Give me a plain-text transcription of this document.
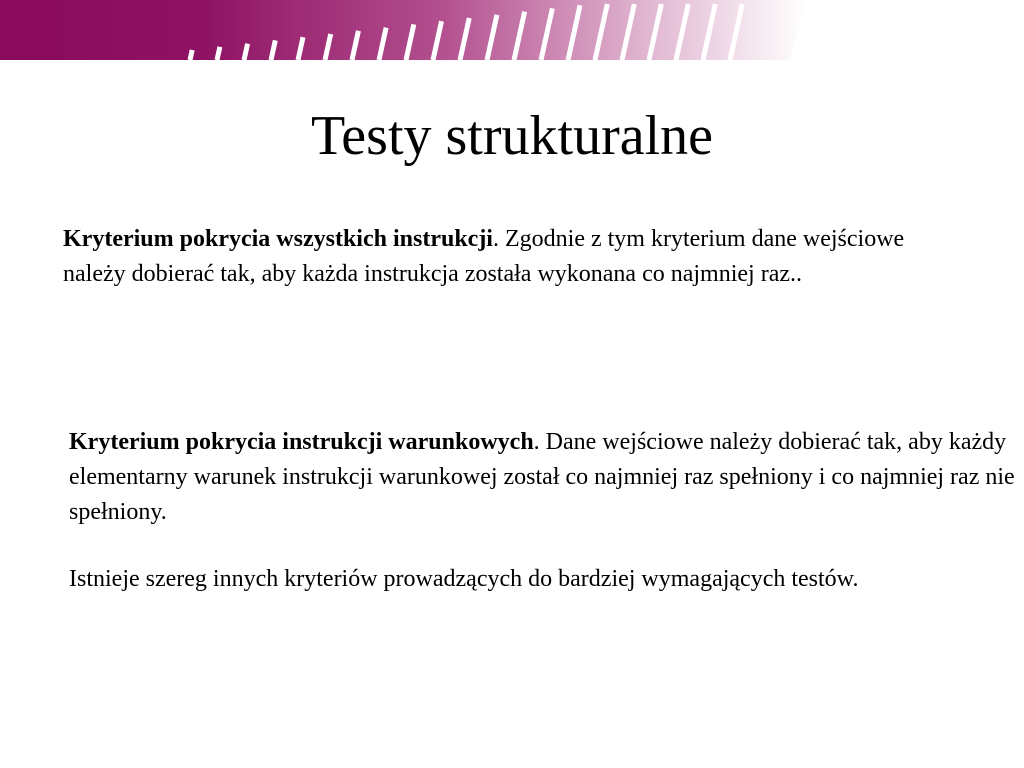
Testy strukturalne

Kryterium pokrycia wszystkich instrukcji. Zgodnie z tym kryterium dane wejściowe należy dobierać tak, aby każda instrukcja została wykonana co najmniej raz..

Kryterium pokrycia instrukcji warunkowych. Dane wejściowe należy dobierać tak, aby każdy elementarny warunek instrukcji warunkowej został co najmniej raz spełniony i co najmniej raz nie spełniony.

Istnieje szereg innych kryteriów prowadzących do bardziej wymagających testów.
